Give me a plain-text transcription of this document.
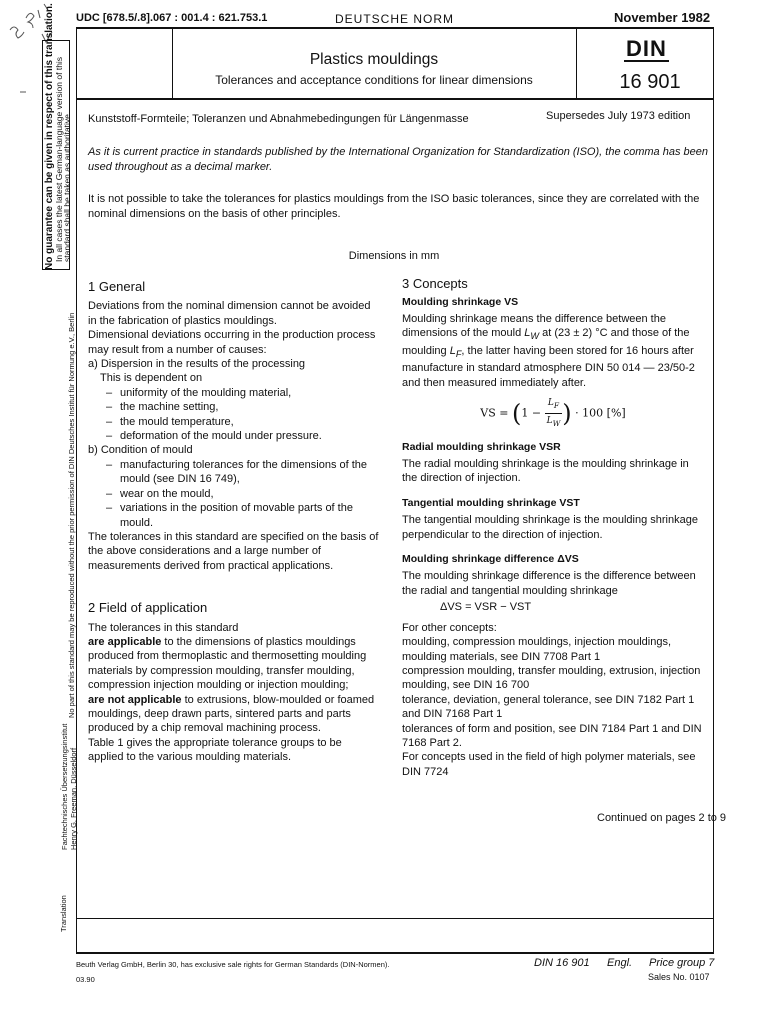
UDC [678.5/.8].067 : 001.4 : 621.753.1	DEUTSCHE NORM	November 1982
Plastics mouldings
Tolerances and acceptance conditions for linear dimensions
DIN
16 901
Kunststoff-Formteile; Toleranzen und Abnahmebedingungen für Längenmasse	Supersedes July 1973 edition
As it is current practice in standards published by the International Organization for Standardization (ISO), the comma has been used throughout as a decimal marker.
It is not possible to take the tolerances for plastics mouldings from the ISO basic tolerances, since they are correlated with the nominal dimensions on the basis of other principles.
Dimensions in mm

1 General

Deviations from the nominal dimension cannot be avoided in the fabrication of plastics mouldings.

Dimensional deviations occurring in the production process may result from a number of causes:

a) Dispersion in the results of the processing

This is dependent on

– uniformity of the moulding material,

– the machine setting,

– the mould temperature,

– deformation of the mould under pressure.

b) Condition of mould

– manufacturing tolerances for the dimensions of the mould (see DIN 16 749),

– wear on the mould,

– variations in the position of movable parts of the mould.

The tolerances in this standard are specified on the basis of the above considerations and a large number of measurements derived from practical applications.

2 Field of application

The tolerances in this standard

are applicable to the dimensions of plastics mouldings produced from thermoplastic and thermosetting moulding materials by compression moulding, transfer moulding, compression injection moulding or injection moulding;

are not applicable to extrusions, blow-moulded or foamed mouldings, deep drawn parts, sintered parts and parts produced by a chip removal machining process.

Table 1 gives the appropriate tolerance groups to be applied to the various moulding materials.

3 Concepts

Moulding shrinkage VS

Moulding shrinkage means the difference between the dimensions of the mould $L_W$ at (23 ± 2) °C and those of the moulding $L_F$, the latter having been stored for 16 hours after manufacture in standard atmosphere DIN 50 014 — 23/50-2 and then measured immediately after.

VS = ($1 - \frac{L_F}{L_W}$ ) · 100 [%]

Radial moulding shrinkage VSR

The radial moulding shrinkage is the moulding shrinkage in the direction of injection.

Tangential moulding shrinkage VST

The tangential moulding shrinkage is the moulding shrinkage perpendicular to the direction of injection.

Moulding shrinkage difference ΔVS

The moulding shrinkage difference is the difference between the radial and tangential moulding shrinkage

ΔVS = VSR − VST

For other concepts:

moulding, compression mouldings, injection mouldings, moulding materials, see DIN 7708 Part 1

compression moulding, transfer moulding, extrusion, injection moulding, see DIN 16 700

tolerance, deviation, general tolerance, see DIN 7182 Part 1 and DIN 7168 Part 1

tolerances of form and position, see DIN 7184 Part 1 and DIN 7168 Part 2.

For concepts used in the field of high polymer materials, see DIN 7724

Continued on pages 2 to 9
No guarantee can be given in respect of this translation. In all cases the latest German-language version of this
standard shall be taken as authoritative.
No part of this standard may be reproduced without the prior permission of DIN Deutsches Institut für Normung e.V., Berlin
Fachtechnisches Übersetzungsinstitut Henry G. Freeman, Düsseldorf
Translation
Beuth Verlag GmbH, Berlin 30, has exclusive sale rights for German Standards (DIN-Normen).
03.90
DIN 16 901 Engl. Price group 7
Sales No. 0107
